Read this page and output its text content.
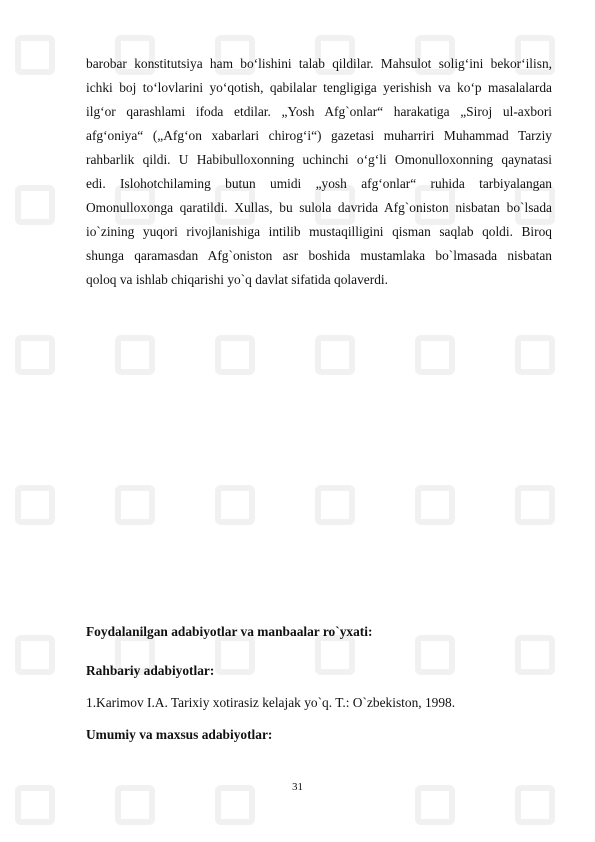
barobar konstitutsiya ham bo‘lishini talab qildilar. Mahsulot solig‘ini bekor‘ilisn,
ichki boj to‘lovlarini yo‘qotish, qabilalar tengligiga yerishish va ko‘p masalalarda
ilg‘or qarashlami ifoda etdilar. „Yosh Afg`onlar“ harakatiga „Siroj ul-axbori
afg‘oniya“ („Afg‘on xabarlari chirog‘i“) gazetasi muharriri Muhammad Tarziy
rahbarlik qildi. U Habibulloxonning uchinchi o‘g‘li Omonulloxonning qaynatasi
edi. Islohotchilaming butun umidi „yosh afg‘onlar“ ruhida tarbiyalangan
Omonulloxonga qaratildi. Xullas, bu sulola davrida Afg`oniston nisbatan bo`lsada
io`zining yuqori rivojlanishiga intilib mustaqilligini qisman saqlab qoldi. Biroq
shunga qaramasdan Afg`oniston asr boshida mustamlaka bo`lmasada nisbatan
qoloq va ishlab chiqarishi yo`q davlat sifatida qolaverdi.
Foydalanilgan adabiyotlar va manbaalar ro`yxati:
Rahbariy adabiyotlar:
1.Karimov I.A. Tarixiy xotirasiz kelajak yo`q. T.: O`zbekiston, 1998.
Umumiy va maxsus adabiyotlar:
31
